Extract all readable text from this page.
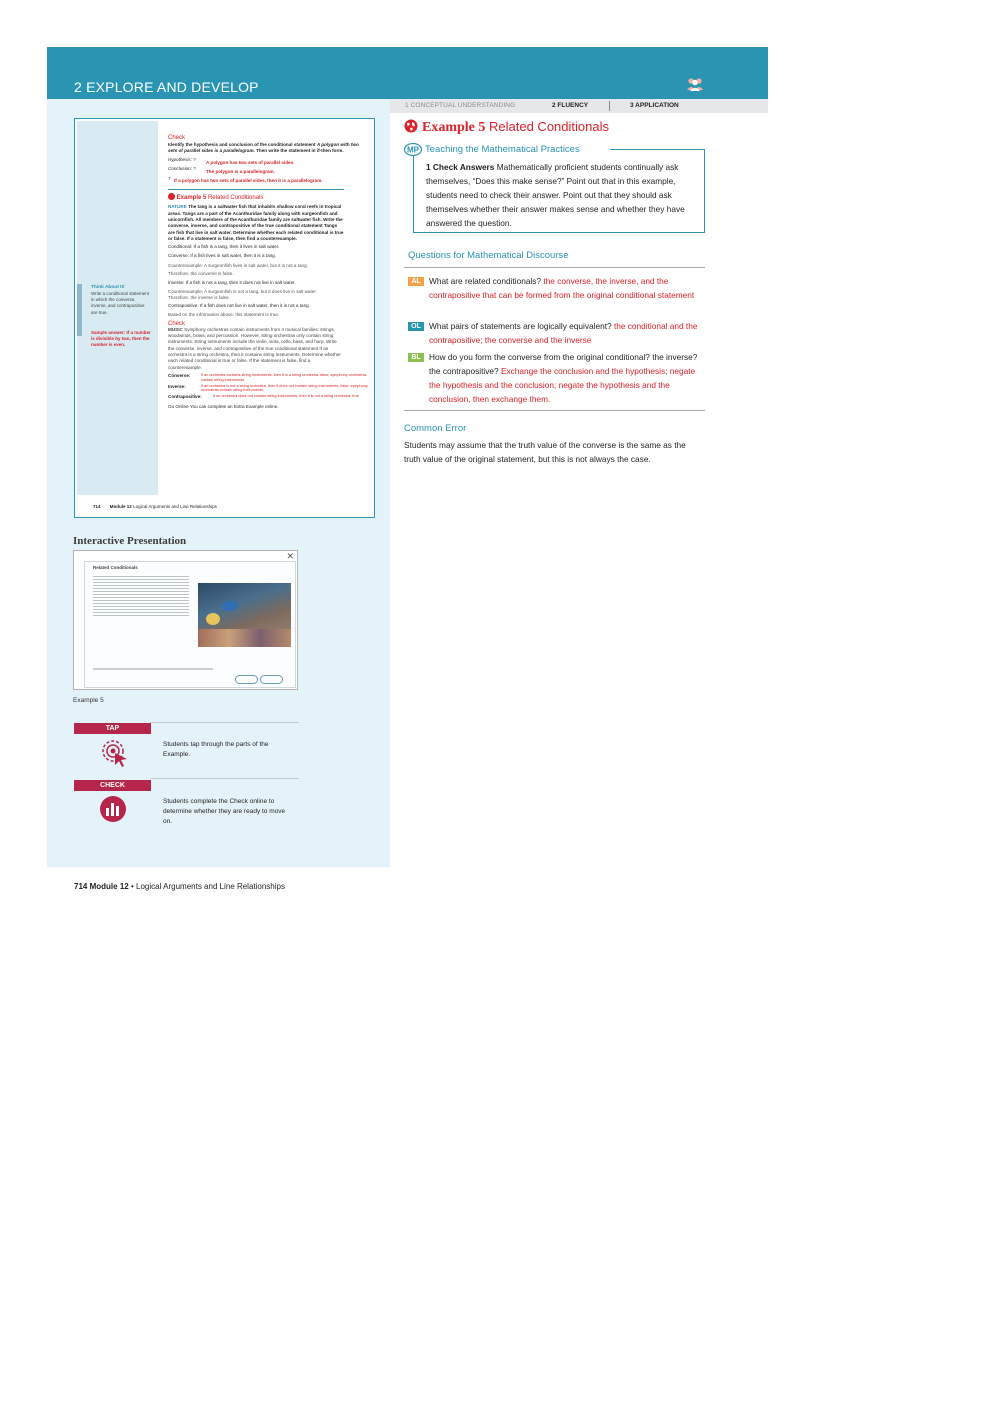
2 EXPLORE AND DEVELOP
1 CONCEPTUAL UNDERSTANDING	2 FLUENCY	3 APPLICATION
Check
Identify the hypothesis and conclusion of the conditional statement A polygon with two sets of parallel sides is a parallelogram. Then write the statement in if-then form.
Hypothesis: ?
A polygon has two sets of parallel sides.
Conclusion: ?
The polygon is a parallelogram.
? If a polygon has two sets of parallel sides, then it is a parallelogram.
Example 5 Related Conditionals
NATURE The tang is a saltwater fish that inhabits shallow coral reefs in tropical areas. Tangs are a part of the Acanthuridae family along with surgeonfish and unicornfish. All members of the Acanthuridae family are saltwater fish. Write the converse, inverse, and contrapositive of the true conditional statement Tangs are fish that live in salt water. Determine whether each related conditional is true or false. If a statement is false, then find a counterexample.
Conditional: If a fish is a tang, then it lives in salt water.
Converse: If a fish lives in salt water, then it is a tang.
Counterexample: A surgeonfish lives in salt water, but it is not a tang.
Therefore, the converse is false.
Inverse: If a fish is not a tang, then it does not live in salt water.
Counterexample: A surgeonfish is not a tang, but it does live in salt water. Therefore, the inverse is false.
Contrapositive: If a fish does not live in salt water, then it is not a tang.
Based on the information above, this statement is true.
Check
MUSIC Symphony orchestras contain instruments from 4 musical families: strings, woodwinds, brass, and percussion. However, string orchestras only contain string instruments. String instruments include the violin, viola, cello, bass, and harp. Write the converse, inverse, and contrapositive of the true conditional statement If an orchestra is a string orchestra, then it contains string instruments. Determine whether each related conditional is true or false. If the statement is false, find a counterexample.
Converse:	If an orchestra contains string instruments, then it is a string orchestra; false; symphony orchestras contain string instruments.
Inverse:	If an orchestra is not a string orchestra, then it does not contain string instruments; false; symphony orchestras contain string instruments.
Contrapositive:	If an orchestra does not contain string instruments, then it is not a string orchestra; true
Go Online You can complete an Extra Example online.
Think About It!
Write a conditional statement in which the converse, inverse, and contrapositive are true.
Sample answer: If a number is divisible by two, then the number is even.
714 Module 12 Logical Arguments and Line Relationships
Example 5 Related Conditionals
MP Teaching the Mathematical Practices
1 Check Answers Mathematically proficient students continually ask themselves, “Does this make sense?” Point out that in this example, students need to check their answer. Point out that they should ask themselves whether their answer makes sense and whether they have answered the question.
Questions for Mathematical Discourse
AL	What are related conditionals? the converse, the inverse, and the contrapositive that can be formed from the original conditional statement
OL What pairs of statements are logically equivalent? the conditional and the contrapositive; the converse and the inverse
BL	How do you form the converse from the original conditional? the inverse? the contrapositive? Exchange the conclusion and the hypothesis; negate the hypothesis and the conclusion; negate the hypothesis and the conclusion, then exchange them.
Common Error
Students may assume that the truth value of the converse is the same as the truth value of the original statement, but this is not always the case.
Interactive Presentation
✕
Related Conditionals
Example 5
TAP
Students tap through the parts of the Example.
CHECK
Students complete the Check online to determine whether they are ready to move on.
714 Module 12 • Logical Arguments and Line Relationships
